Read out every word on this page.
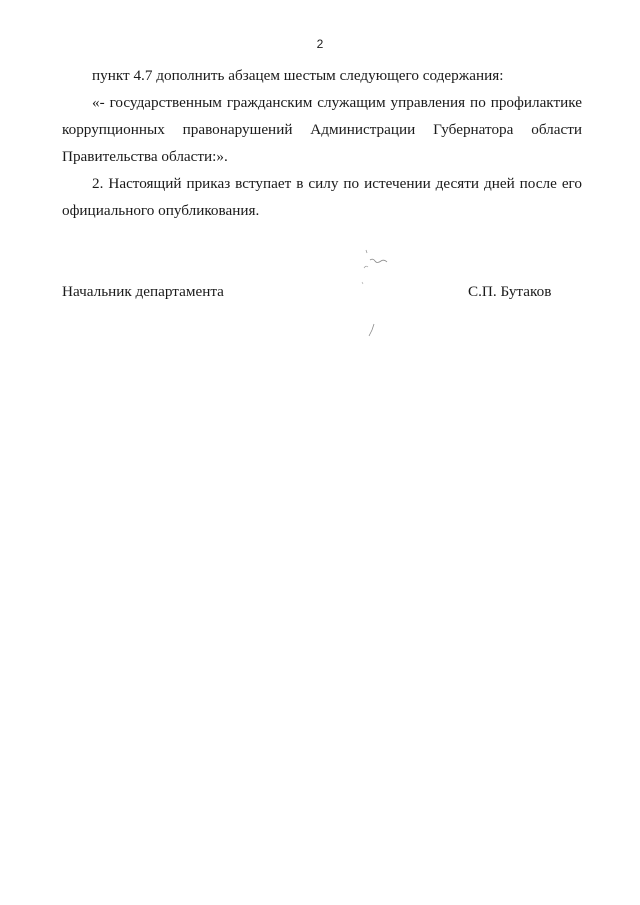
2

пункт 4.7 дополнить абзацем шестым следующего содержания:

«- государственным гражданским служащим управления по профилактике коррупционных правонарушений Администрации Губернатора области Правительства области:».

2. Настоящий приказ вступает в силу по истечении десяти дней после его официального опубликования.

Начальник департамента	С.П. Бутаков
